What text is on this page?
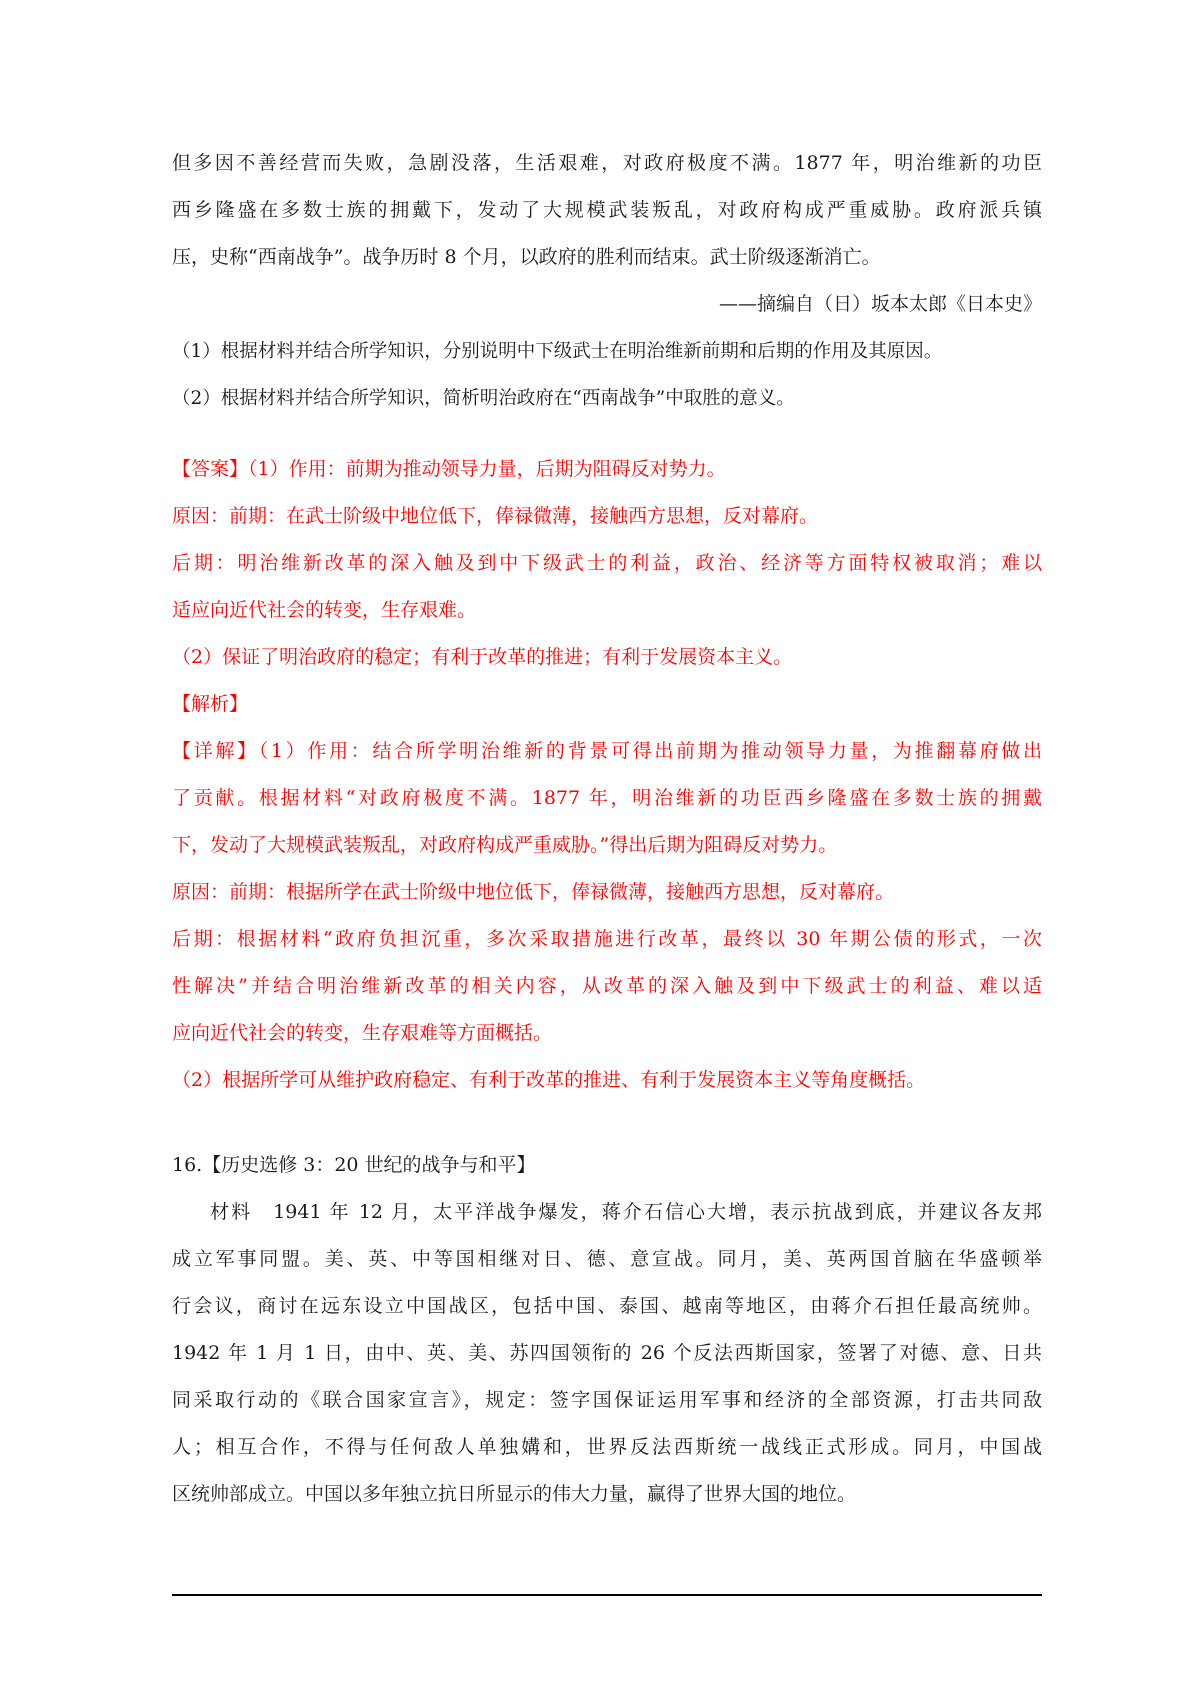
但多因不善经营而失败，急剧没落，生活艰难，对政府极度不满。1877 年，明治维新的功臣
西乡隆盛在多数士族的拥戴下，发动了大规模武装叛乱，对政府构成严重威胁。政府派兵镇
压，史称“西南战争”。战争历时 8 个月，以政府的胜利而结束。武士阶级逐渐消亡。
——摘编自（日）坂本太郎《日本史》
（1）根据材料并结合所学知识，分别说明中下级武士在明治维新前期和后期的作用及其原因。
（2）根据材料并结合所学知识，简析明治政府在“西南战争”中取胜的意义。
【答案】（1）作用：前期为推动领导力量，后期为阻碍反对势力。
原因：前期：在武士阶级中地位低下，俸禄微薄，接触西方思想，反对幕府。
后期：明治维新改革的深入触及到中下级武士的利益，政治、经济等方面特权被取消；难以
适应向近代社会的转变，生存艰难。
（2）保证了明治政府的稳定；有利于改革的推进；有利于发展资本主义。
【解析】
【详解】（1）作用：结合所学明治维新的背景可得出前期为推动领导力量，为推翻幕府做出
了贡献。根据材料“对政府极度不满。1877 年，明治维新的功臣西乡隆盛在多数士族的拥戴
下，发动了大规模武装叛乱，对政府构成严重威胁。”得出后期为阻碍反对势力。
原因：前期：根据所学在武士阶级中地位低下，俸禄微薄，接触西方思想，反对幕府。
后期：根据材料“政府负担沉重，多次采取措施进行改革，最终以 30 年期公债的形式，一次
性解决”并结合明治维新改革的相关内容，从改革的深入触及到中下级武士的利益、难以适
应向近代社会的转变，生存艰难等方面概括。
（2）根据所学可从维护政府稳定、有利于改革的推进、有利于发展资本主义等角度概括。
16.【历史选修 3：20 世纪的战争与和平】
材料　1941 年 12 月，太平洋战争爆发，蒋介石信心大增，表示抗战到底，并建议各友邦
成立军事同盟。美、英、中等国相继对日、德、意宣战。同月，美、英两国首脑在华盛顿举
行会议，商讨在远东设立中国战区，包括中国、泰国、越南等地区，由蒋介石担任最高统帅。
1942 年 1 月 1 日，由中、英、美、苏四国领衔的 26 个反法西斯国家，签署了对德、意、日共
同采取行动的《联合国家宣言》，规定：签字国保证运用军事和经济的全部资源，打击共同敌
人；相互合作，不得与任何敌人单独媾和，世界反法西斯统一战线正式形成。同月，中国战
区统帅部成立。中国以多年独立抗日所显示的伟大力量，赢得了世界大国的地位。
